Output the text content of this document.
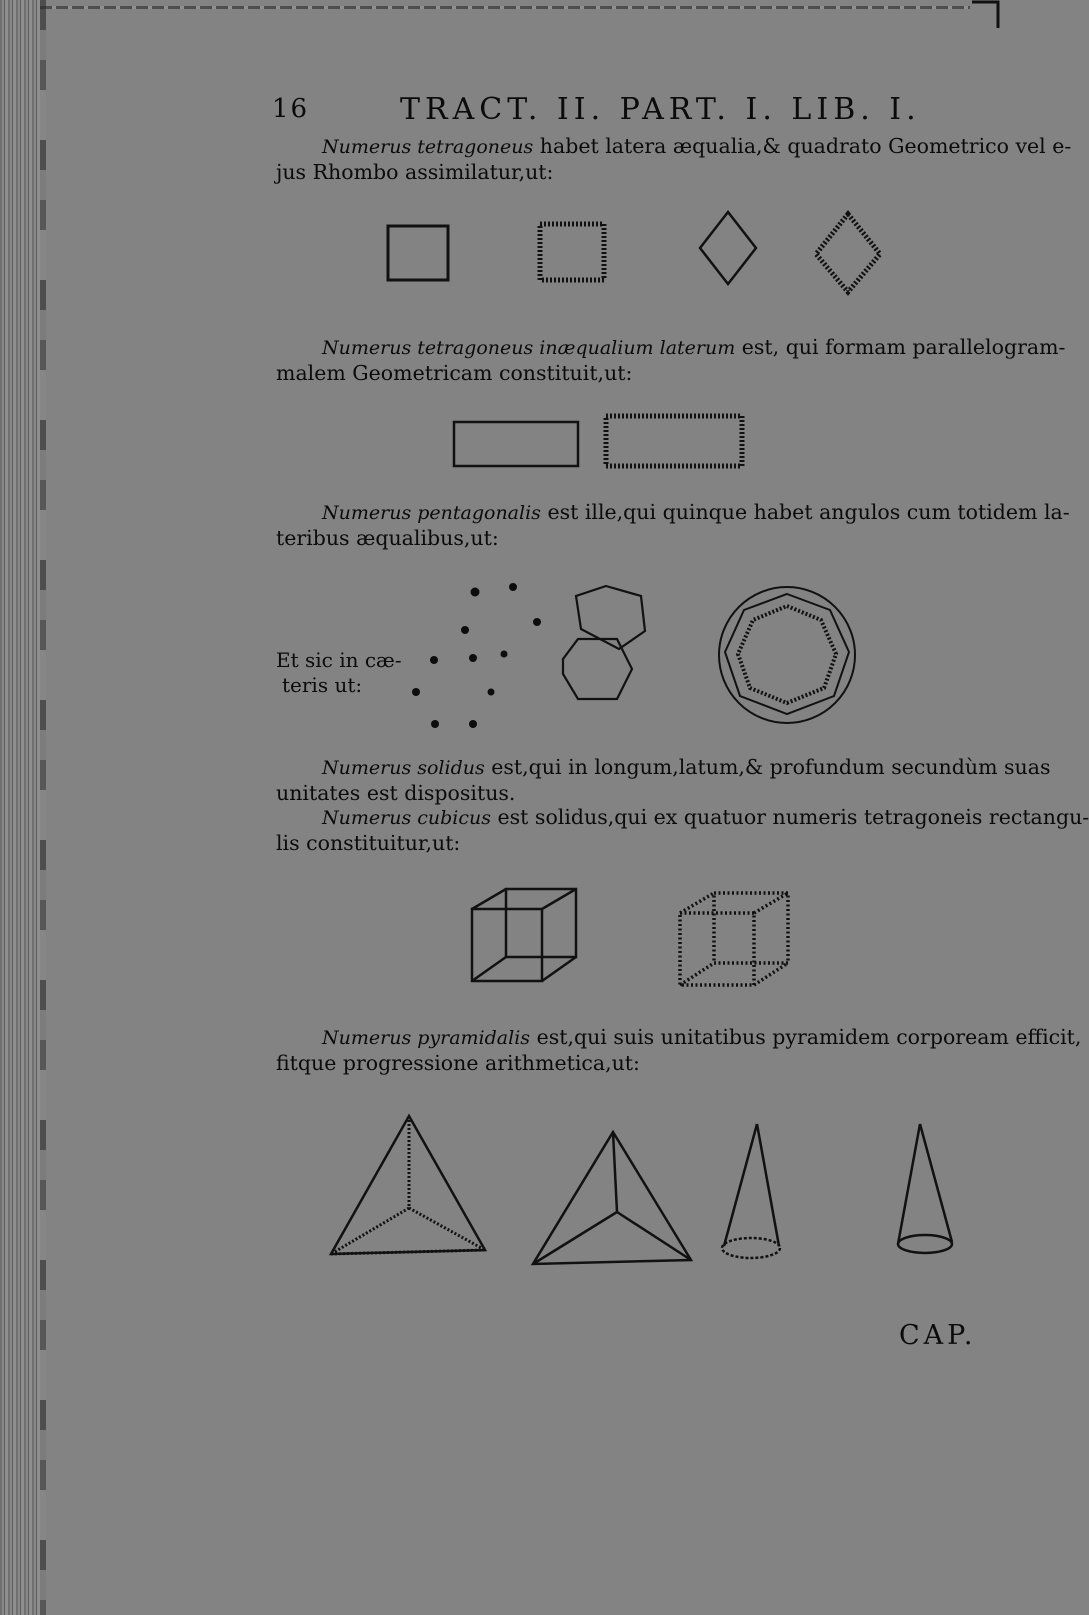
16	TRACT. II. PART. I. LIB. I.
Numerus tetragoneus habet latera æqualia,& quadrato Geometrico vel e-
jus Rhombo assimilatur,ut:
Numerus tetragoneus inæqualium laterum est, qui formam parallelogram-
malem Geometricam constituit,ut:
Numerus pentagonalis est ille,qui quinque habet angulos cum totidem la-
teribus æqualibus,ut:
Et sic in cæ-
teris ut:
Numerus solidus est,qui in longum,latum,& profundum secundùm suas
unitates est dispositus.
Numerus cubicus est solidus,qui ex quatuor numeris tetragoneis rectangu-
lis constituitur,ut:
Numerus pyramidalis est,qui suis unitatibus pyramidem corpoream efficit,
fitque progressione arithmetica,ut:
CAP.
